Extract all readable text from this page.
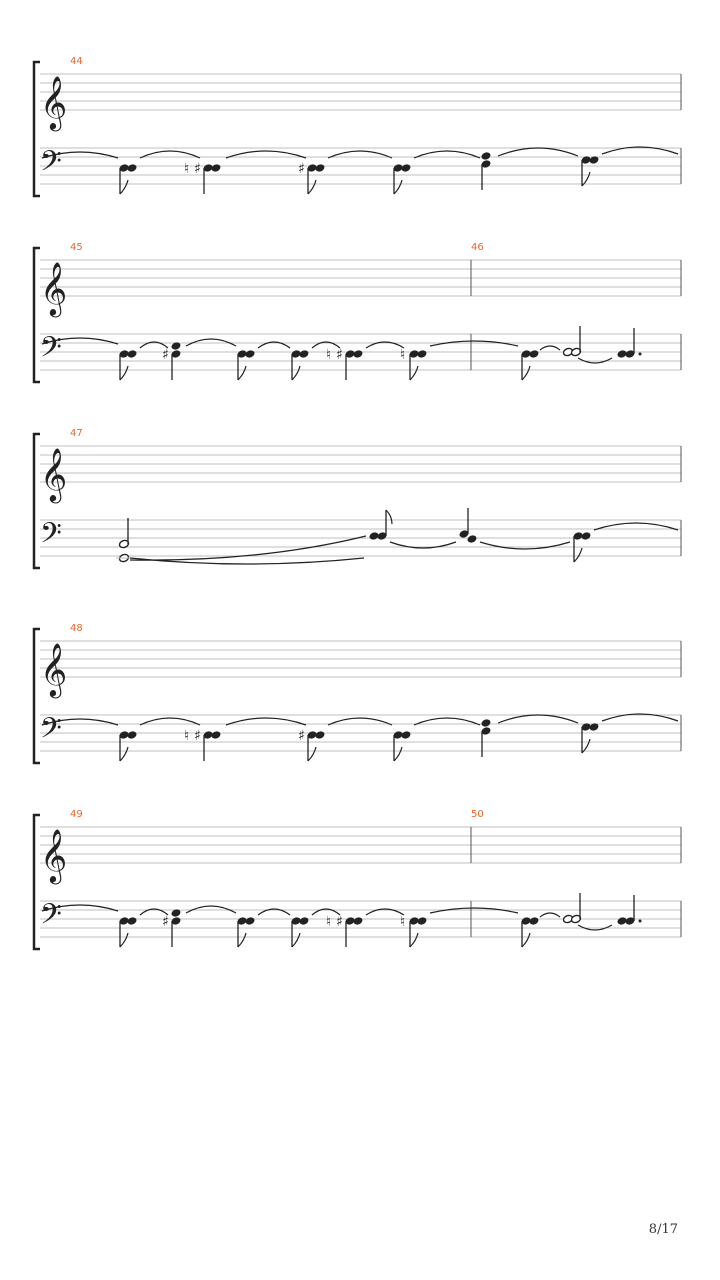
𝄞
𝄢
44
♯
♮	♯
𝄞
𝄢
45	46
♯	♯
♮	♮
𝄞
𝄢
47
𝄞
𝄢
48
♯
♮	♯
𝄞
𝄢
49	50
♯	♯
♮	♮
8/17
